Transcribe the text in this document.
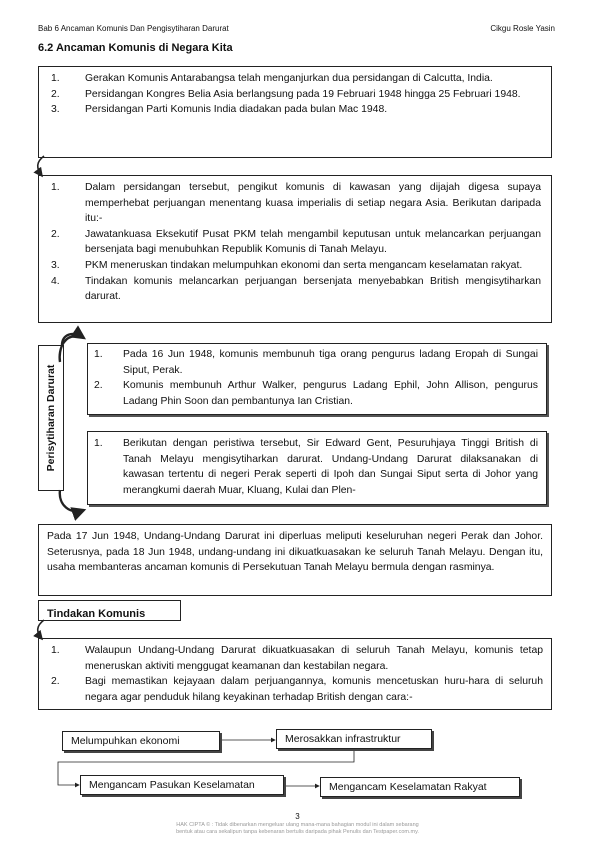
Bab 6 Ancaman Komunis Dan Pengisytiharan Darurat	Cikgu Rosle Yasin
6.2 Ancaman Komunis di Negara Kita
1. Gerakan Komunis Antarabangsa telah menganjurkan dua persidangan di Calcutta, India.
2. Persidangan Kongres Belia Asia berlangsung pada 19 Februari 1948 hingga 25 Februari 1948.
3. Persidangan Parti Komunis India diadakan pada bulan Mac 1948.
1. Dalam persidangan tersebut, pengikut komunis di kawasan yang dijajah digesa supaya memperhebat perjuangan menentang kuasa imperialis di setiap negara Asia. Berikutan daripada itu:-
2. Jawatankuasa Eksekutif Pusat PKM telah mengambil keputusan untuk melancarkan perjuangan bersenjata bagi menubuhkan Republik Komunis di Tanah Melayu.
3. PKM meneruskan tindakan melumpuhkan ekonomi dan serta mengancam keselamatan rakyat.
4. Tindakan komunis melancarkan perjuangan bersenjata menyebabkan British mengisytiharkan darurat.
Perisytiharan Darurat
1. Pada 16 Jun 1948, komunis membunuh tiga orang pengurus ladang Eropah di Sungai Siput, Perak.
2. Komunis membunuh Arthur Walker, pengurus Ladang Ephil, John Allison, pengurus Ladang Phin Soon dan pembantunya Ian Cristian.
1. Berikutan dengan peristiwa tersebut, Sir Edward Gent, Pesuruhjaya Tinggi British di Tanah Melayu mengisytiharkan darurat. Undang-Undang Darurat dilaksanakan di kawasan tertentu di negeri Perak seperti di Ipoh dan Sungai Siput serta di Johor yang merangkumi daerah Muar, Kluang, Kulai dan Plen-
Pada 17 Jun 1948, Undang-Undang Darurat ini diperluas meliputi keseluruhan negeri Perak dan Johor. Seterusnya, pada 18 Jun 1948, undang-undang ini dikuatkuasakan ke seluruh Tanah Melayu. Dengan itu, usaha membanteras ancaman komunis di Persekutuan Tanah Melayu bermula dengan rasminya.
Tindakan Komunis
1. Walaupun Undang-Undang Darurat dikuatkuasakan di seluruh Tanah Melayu, komunis tetap meneruskan aktiviti menggugat keamanan dan kestabilan negara.
2. Bagi memastikan kejayaan dalam perjuangannya, komunis mencetuskan huru-hara di seluruh negara agar penduduk hilang keyakinan terhadap British dengan cara:-
Melumpuhkan ekonomi	Merosakkan infrastruktur
Mengancam Pasukan Keselamatan	Mengancam Keselamatan Rakyat
3
HAK CIPTA © : Tidak dibenarkan mengeluar ulang mana-mana bahagian modul ini dalam sebarang
bentuk atau cara sekalipun tanpa kebenaran bertulis daripada pihak Penulis dan Testpaper.com.my.
